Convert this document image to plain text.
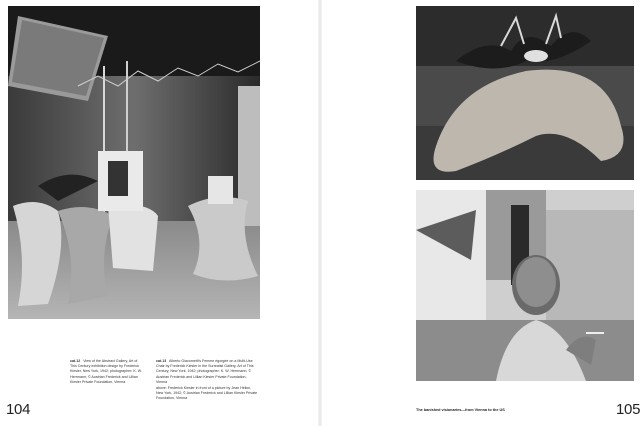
cat.12 View of the Abstract Gallery, Art of This Century exhibition design by Frederick Kiesler, New York, 1942; photographer: K. W. Herrmann; © Austrian Frederick and Lillian Kiesler Private Foundation, Vienna

cat.13 Alberto Giacometti's Femme égorgée on a Multi-Use Chair by Frederick Kiesler in the Surrealist Gallery, Art of This Century, New York, 1942; photographer: K. W. Herrmann; © Austrian Frederick and Lillian Kiesler Private Foundation, Vienna

above: Frederick Kiesler in front of a picture by Jean Hélion, New York, 1942; © Austrian Frederick and Lillian Kiesler Private Foundation, Vienna

104	105
The banished visionaries—from Vienna to the US
